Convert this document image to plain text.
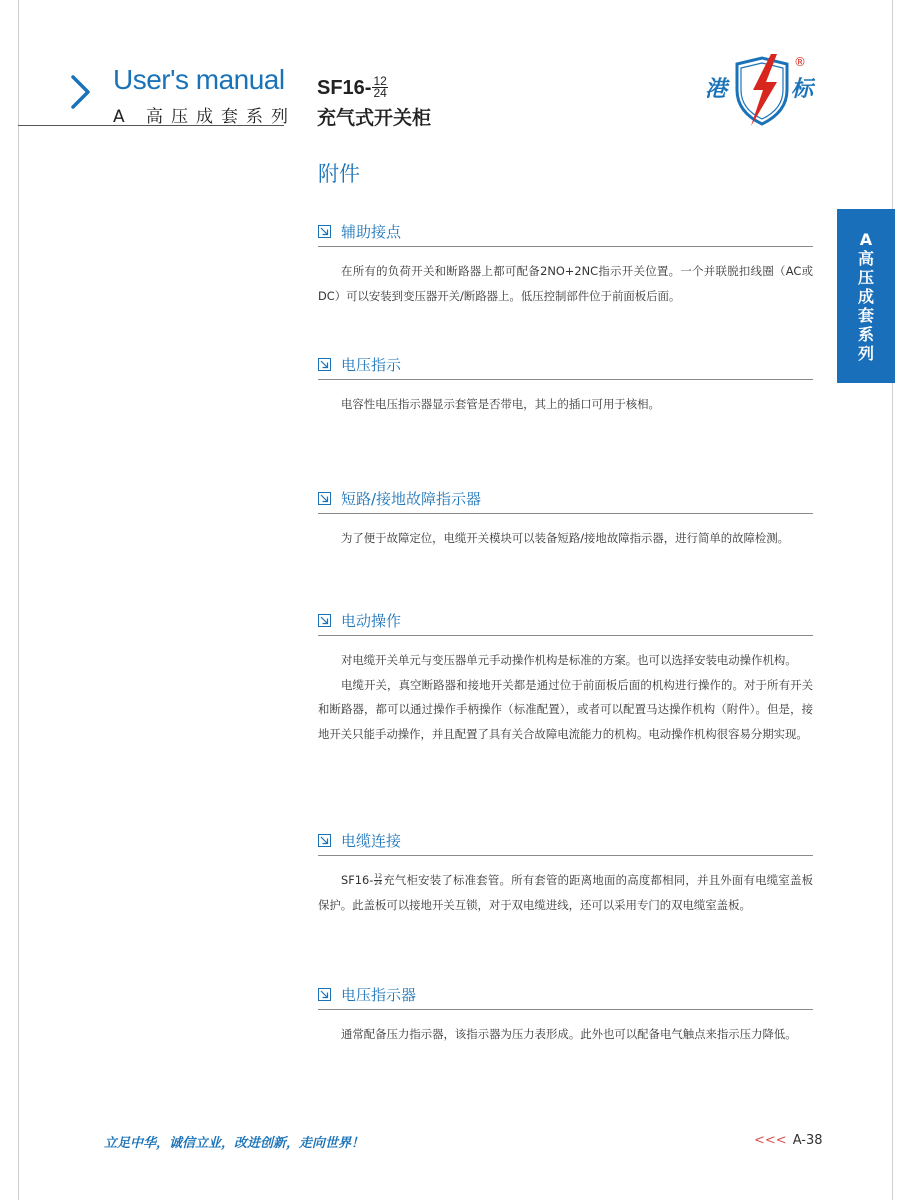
User's manual
A 高压成套系列
$SF16- \frac{12}{24}$
充气式开关柜
港	标
®
附件
A高压成套系列
辅助接点

在所有的负荷开关和断路器上都可配备2NO+2NC指示开关位置。一个并联脱扣线圈（AC或DC）可以安装到变压器开关/断路器上。低压控制部件位于前面板后面。

电压指示

电容性电压指示器显示套管是否带电，其上的插口可用于核相。

短路/接地故障指示器

为了便于故障定位，电缆开关模块可以装备短路/接地故障指示器，进行简单的故障检测。

电动操作

对电缆开关单元与变压器单元手动操作机构是标准的方案。也可以选择安装电动操作机构。

电缆开关，真空断路器和接地开关都是通过位于前面板后面的机构进行操作的。对于所有开关和断路器，都可以通过操作手柄操作（标准配置），或者可以配置马达操作机构（附件）。但是，接地开关只能手动操作，并且配置了具有关合故障电流能力的机构。电动操作机构很容易分期实现。

电缆连接

$SF16- \frac{12}{24}$ 充气柜安装了标准套管。所有套管的距离地面的高度都相同，并且外面有电缆室盖板保护。此盖板可以接地开关互锁，对于双电缆进线，还可以采用专门的双电缆室盖板。

电压指示器

通常配备压力指示器，该指示器为压力表形成。此外也可以配备电气触点来指示压力降低。

立足中华，诚信立业，改进创新，走向世界！	<<< A-38
